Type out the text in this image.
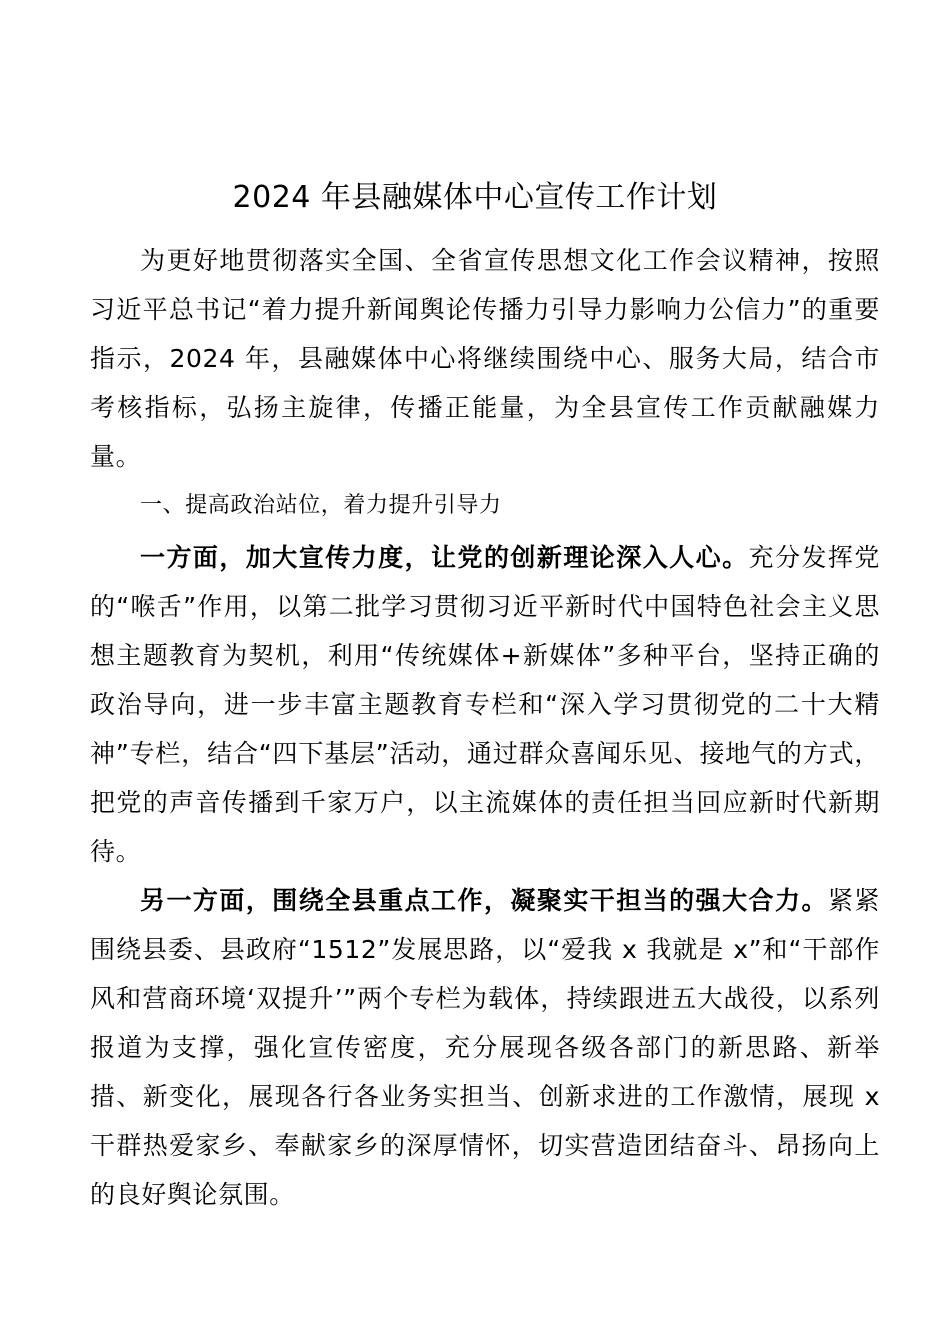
2024 年县融媒体中心宣传工作计划

为更好地贯彻落实全国、全省宣传思想文化工作会议精神，按照习近平总书记“着力提升新闻舆论传播力引导力影响力公信力”的重要指示，2024 年，县融媒体中心将继续围绕中心、服务大局，结合市考核指标，弘扬主旋律，传播正能量，为全县宣传工作贡献融媒力量。

一、提高政治站位，着力提升引导力

一方面，加大宣传力度，让党的创新理论深入人心。充分发挥党的“喉舌”作用，以第二批学习贯彻习近平新时代中国特色社会主义思想主题教育为契机，利用“传统媒体+新媒体”多种平台，坚持正确的政治导向，进一步丰富主题教育专栏和“深入学习贯彻党的二十大精神”专栏，结合“四下基层”活动，通过群众喜闻乐见、接地气的方式，把党的声音传播到千家万户，以主流媒体的责任担当回应新时代新期待。

另一方面，围绕全县重点工作，凝聚实干担当的强大合力。紧紧围绕县委、县政府“1512”发展思路，以“爱我 x 我就是 x”和“干部作风和营商环境‘双提升’”两个专栏为载体，持续跟进五大战役，以系列报道为支撑，强化宣传密度，充分展现各级各部门的新思路、新举措、新变化，展现各行各业务实担当、创新求进的工作激情，展现 x 干群热爱家乡、奉献家乡的深厚情怀，切实营造团结奋斗、昂扬向上的良好舆论氛围。
